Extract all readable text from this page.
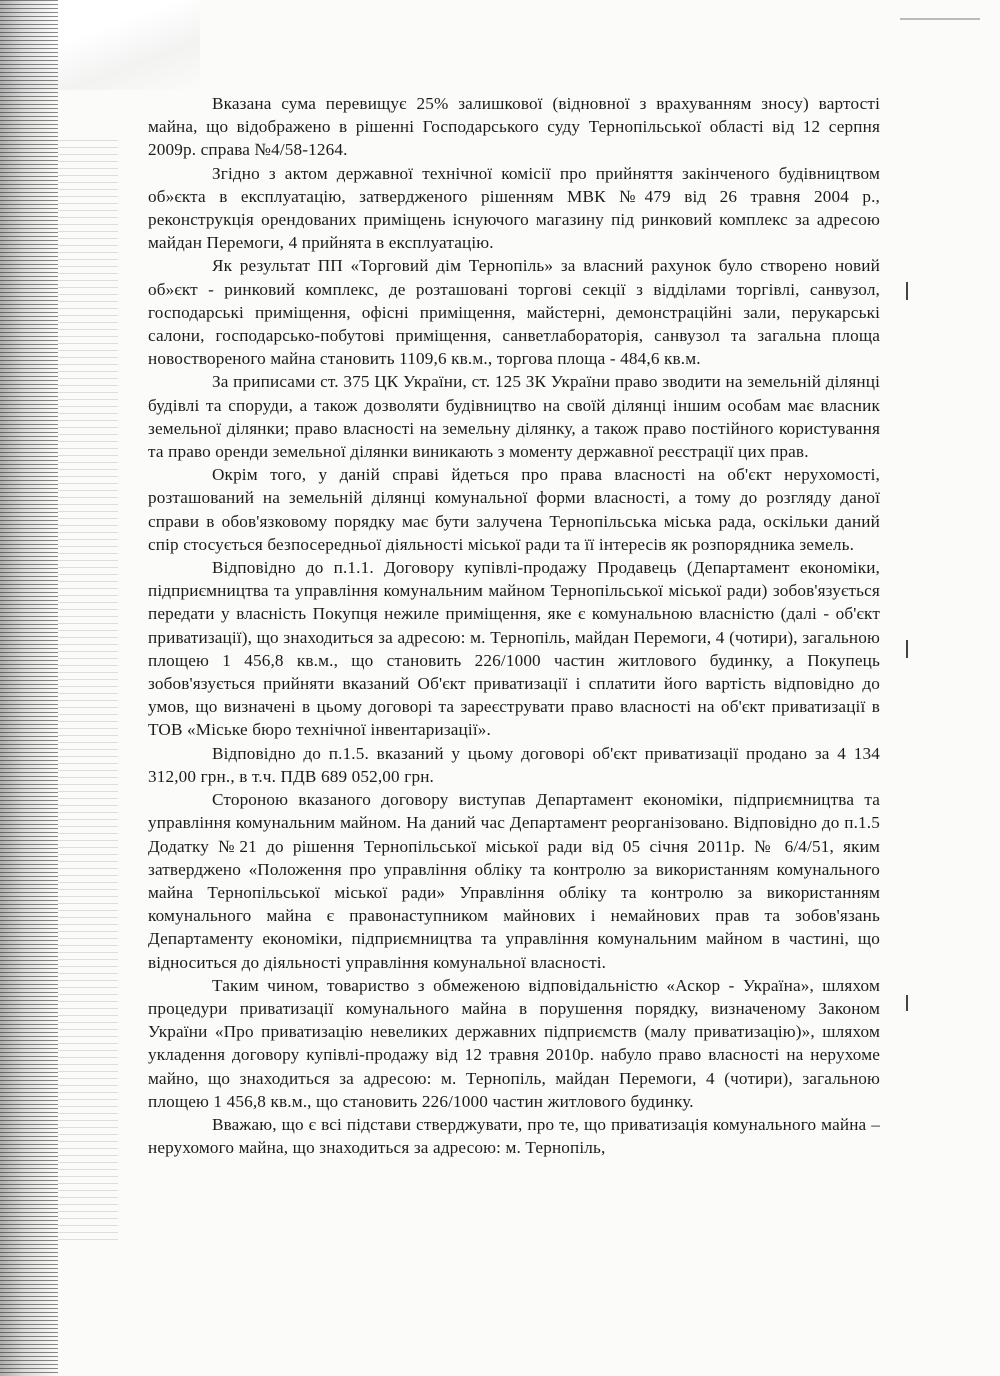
Вказана сума перевищує 25% залишкової (відновної з врахуванням зносу) вартості майна, що відображено в рішенні Господарського суду Тернопільської області від 12 серпня 2009р. справа №4/58-1264.

Згідно з актом державної технічної комісії про прийняття закінченого будівництвом об»єкта в експлуатацію, затвердженого рішенням МВК №479 від 26 травня 2004 р., реконструкція орендованих приміщень існуючого магазину під ринковий комплекс за адресою майдан Перемоги, 4 прийнята в експлуатацію.

Як результат ПП «Торговий дім Тернопіль» за власний рахунок було створено новий об»єкт - ринковий комплекс, де розташовані торгові секції з відділами торгівлі, санвузол, господарські приміщення, офісні приміщення, майстерні, демонстраційні зали, перукарські салони, господарсько-побутові приміщення, санветлабораторія, санвузол та загальна площа новоствореного майна становить 1109,6 кв.м., торгова площа - 484,6 кв.м.

За приписами ст. 375 ЦК України, ст. 125 ЗК України право зводити на земельній ділянці будівлі та споруди, а також дозволяти будівництво на своїй ділянці іншим особам має власник земельної ділянки; право власності на земельну ділянку, а також право постійного користування та право оренди земельної ділянки виникають з моменту державної реєстрації цих прав.

Окрім того, у даній справі йдеться про права власності на об'єкт нерухомості, розташований на земельній ділянці комунальної форми власності, а тому до розгляду даної справи в обов'язковому порядку має бути залучена Тернопільська міська рада, оскільки даний спір стосується безпосередньої діяльності міської ради та її інтересів як розпорядника земель.

Відповідно до п.1.1. Договору купівлі-продажу Продавець (Департамент економіки, підприємництва та управління комунальним майном Тернопільської міської ради) зобов'язується передати у власність Покупця нежиле приміщення, яке є комунальною власністю (далі - об'єкт приватизації), що знаходиться за адресою: м. Тернопіль, майдан Перемоги, 4 (чотири), загальною площею 1 456,8 кв.м., що становить 226/1000 частин житлового будинку, а Покупець зобов'язується прийняти вказаний Об'єкт приватизації і сплатити його вартість відповідно до умов, що визначені в цьому договорі та зареєструвати право власності на об'єкт приватизації в ТОВ «Міське бюро технічної інвентаризації».

Відповідно до п.1.5. вказаний у цьому договорі об'єкт приватизації продано за 4 134 312,00 грн., в т.ч. ПДВ 689 052,00 грн.

Стороною вказаного договору виступав Департамент економіки, підприємництва та управління комунальним майном. На даний час Департамент реорганізовано. Відповідно до п.1.5 Додатку №21 до рішення Тернопільської міської ради від 05 січня 2011р. № 6/4/51, яким затверджено «Положення про управління обліку та контролю за використанням комунального майна Тернопільської міської ради» Управління обліку та контролю за використанням комунального майна є правонаступником майнових і немайнових прав та зобов'язань Департаменту економіки, підприємництва та управління комунальним майном в частині, що відноситься до діяльності управління комунальної власності.

Таким чином, товариство з обмеженою відповідальністю «Аскор - Україна», шляхом процедури приватизації комунального майна в порушення порядку, визначеному Законом України «Про приватизацію невеликих державних підприємств (малу приватизацію)», шляхом укладення договору купівлі-продажу від 12 травня 2010р. набуло право власності на нерухоме майно, що знаходиться за адресою: м. Тернопіль, майдан Перемоги, 4 (чотири), загальною площею 1 456,8 кв.м., що становить 226/1000 частин житлового будинку.

Вважаю, що є всі підстави стверджувати, про те, що приватизація комунального майна – нерухомого майна, що знаходиться за адресою: м. Тернопіль,
